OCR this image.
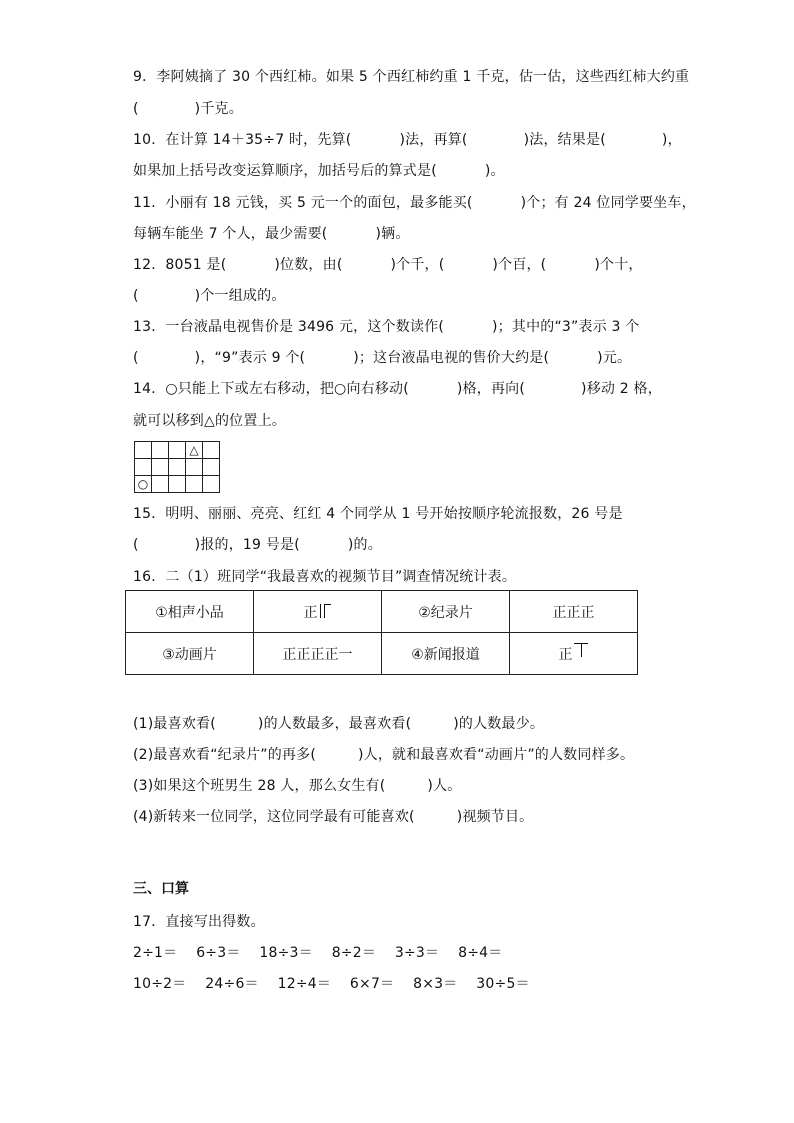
9．李阿姨摘了 30 个西红柿。如果 5 个西红柿约重 1 千克，估一估，这些西红柿大约重
(	)千克。
10．在计算 14＋35÷7 时，先算(	)法，再算(	)法，结果是(	)，
如果加上括号改变运算顺序，加括号后的算式是(	)。
11．小丽有 18 元钱，买 5 元一个的面包，最多能买(	)个；有 24 位同学要坐车，
每辆车能坐 7 个人，最少需要(	)辆。
12．8051 是(	)位数，由(	)个千，(	)个百，(	)个十，
(	)个一组成的。
13．一台液晶电视售价是 3496 元，这个数读作(	)；其中的“3”表示 3 个
(	)，“9”表示 9 个(	)；这台液晶电视的售价大约是(	)元。
14．○只能上下或左右移动，把○向右移动(	)格，再向(	)移动 2 格，
就可以移到△的位置上。
			△	

○				
15．明明、丽丽、亮亮、红红 4 个同学从 1 号开始按顺序轮流报数，26 号是
(	)报的，19 号是(	)的。
16．二（1）班同学“我最喜欢的视频节目”调查情况统计表。
①相声小品	正	②纪录片	正正正
③动画片	正正正正一	④新闻报道	正
(1)最喜欢看(	)的人数最多，最喜欢看(	)的人数最少。
(2)最喜欢看“纪录片”的再多(	)人，就和最喜欢看“动画片”的人数同样多。
(3)如果这个班男生 28 人，那么女生有(	)人。
(4)新转来一位同学，这位同学最有可能喜欢(	)视频节目。
三、口算
17．直接写出得数。
2÷1＝　 6÷3＝　 18÷3＝　 8÷2＝　 3÷3＝　 8÷4＝
10÷2＝　 24÷6＝　 12÷4＝　 6×7＝　 8×3＝　 30÷5＝
